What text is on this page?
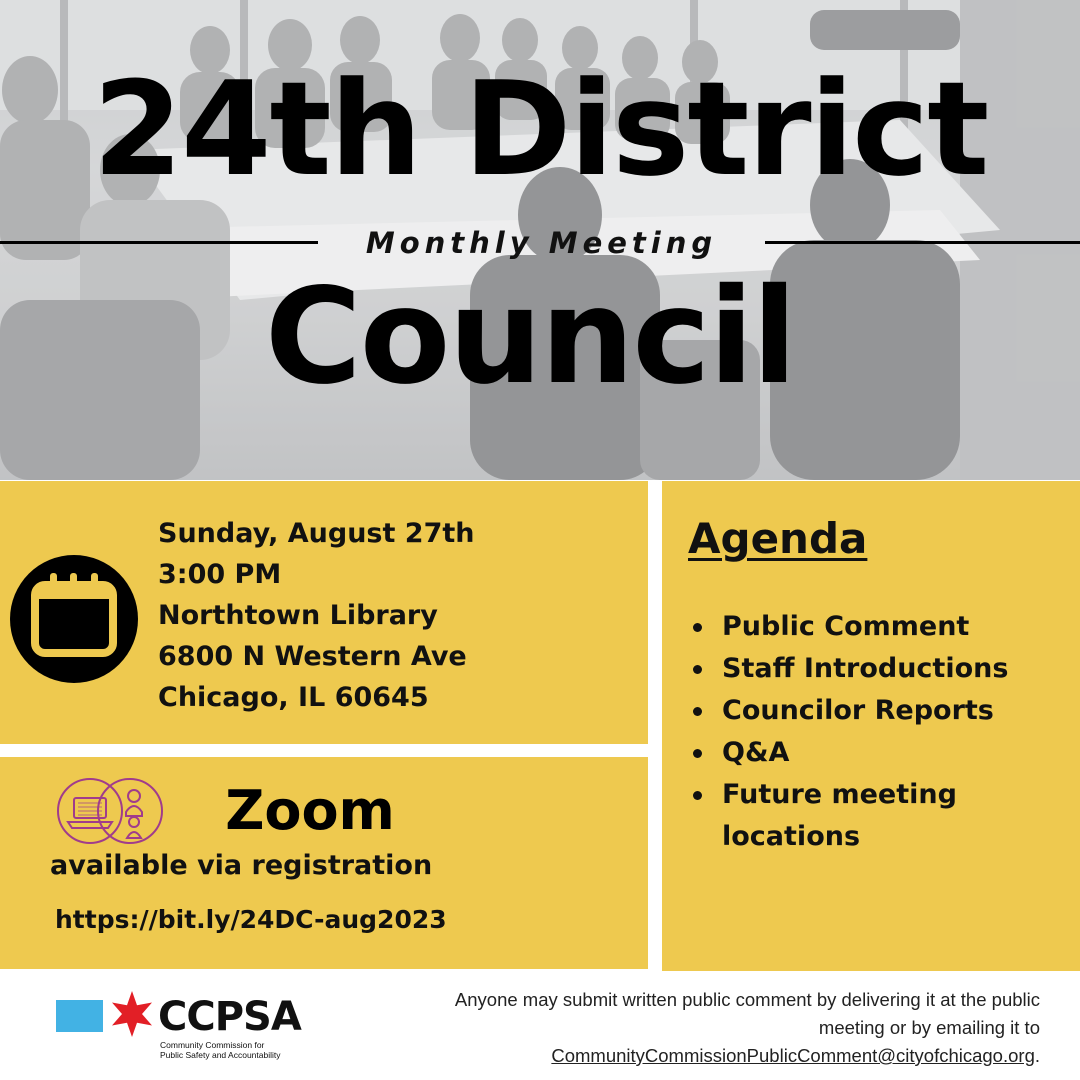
24th District
Monthly Meeting
Council
Sunday, August 27th
3:00 PM
Northtown Library
6800 N Western Ave
Chicago, IL 60645
Zoom
available via registration
https://bit.ly/24DC-aug2023
Agenda
Public Comment
Staff Introductions
Councilor Reports
Q&A
Future meeting locations
CCPSA
Community Commission for
Public Safety and Accountability
Anyone may submit written public comment by delivering it at the public meeting or by emailing it to CommunityCommissionPublicComment@cityofchicago.org.
